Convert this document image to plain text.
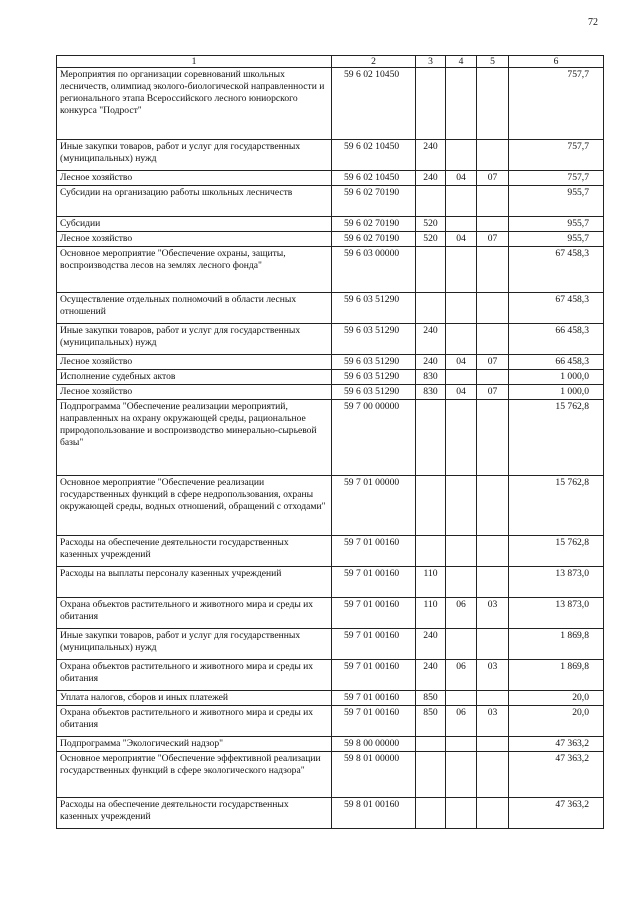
72
1	2	3	4	5	6
Мероприятия по организации соревнований школьных лесничеств, олимпиад эколого-биологической направленности и регионального этапа Всероссийского лесного юниорского конкурса "Подрост"	59 6 02 10450				757,7
Иные закупки товаров, работ и услуг для государственных (муниципальных) нужд	59 6 02 10450	240			757,7
Лесное хозяйство	59 6 02 10450	240	04	07	757,7
Субсидии на организацию работы школьных лесничеств	59 6 02 70190				955,7
Субсидии	59 6 02 70190	520			955,7
Лесное хозяйство	59 6 02 70190	520	04	07	955,7
Основное мероприятие "Обеспечение охраны, защиты, воспроизводства лесов на землях лесного фонда"	59 6 03 00000				67 458,3
Осуществление отдельных полномочий в области лесных отношений	59 6 03 51290				67 458,3
Иные закупки товаров, работ и услуг для государственных (муниципальных) нужд	59 6 03 51290	240			66 458,3
Лесное хозяйство	59 6 03 51290	240	04	07	66 458,3
Исполнение судебных актов	59 6 03 51290	830			1 000,0
Лесное хозяйство	59 6 03 51290	830	04	07	1 000,0
Подпрограмма "Обеспечение реализации мероприятий, направленных на охрану окружающей среды, рациональное природопользование и воспроизводство минерально-сырьевой базы"	59 7 00 00000				15 762,8
Основное мероприятие "Обеспечение реализации государственных функций в сфере недропользования, охраны окружающей среды, водных отношений, обращений с отходами"	59 7 01 00000				15 762,8
Расходы на обеспечение деятельности государственных казенных учреждений	59 7 01 00160				15 762,8
Расходы на выплаты персоналу казенных учреждений	59 7 01 00160	110			13 873,0
Охрана объектов растительного и животного мира и среды их обитания	59 7 01 00160	110	06	03	13 873,0
Иные закупки товаров, работ и услуг для государственных (муниципальных) нужд	59 7 01 00160	240			1 869,8
Охрана объектов растительного и животного мира и среды их обитания	59 7 01 00160	240	06	03	1 869,8
Уплата налогов, сборов и иных платежей	59 7 01 00160	850			20,0
Охрана объектов растительного и животного мира и среды их обитания	59 7 01 00160	850	06	03	20,0
Подпрограмма "Экологический надзор"	59 8 00 00000				47 363,2
Основное мероприятие "Обеспечение эффективной реализации государственных функций в сфере экологического надзора"	59 8 01 00000				47 363,2
Расходы на обеспечение деятельности государственных казенных учреждений	59 8 01 00160				47 363,2
